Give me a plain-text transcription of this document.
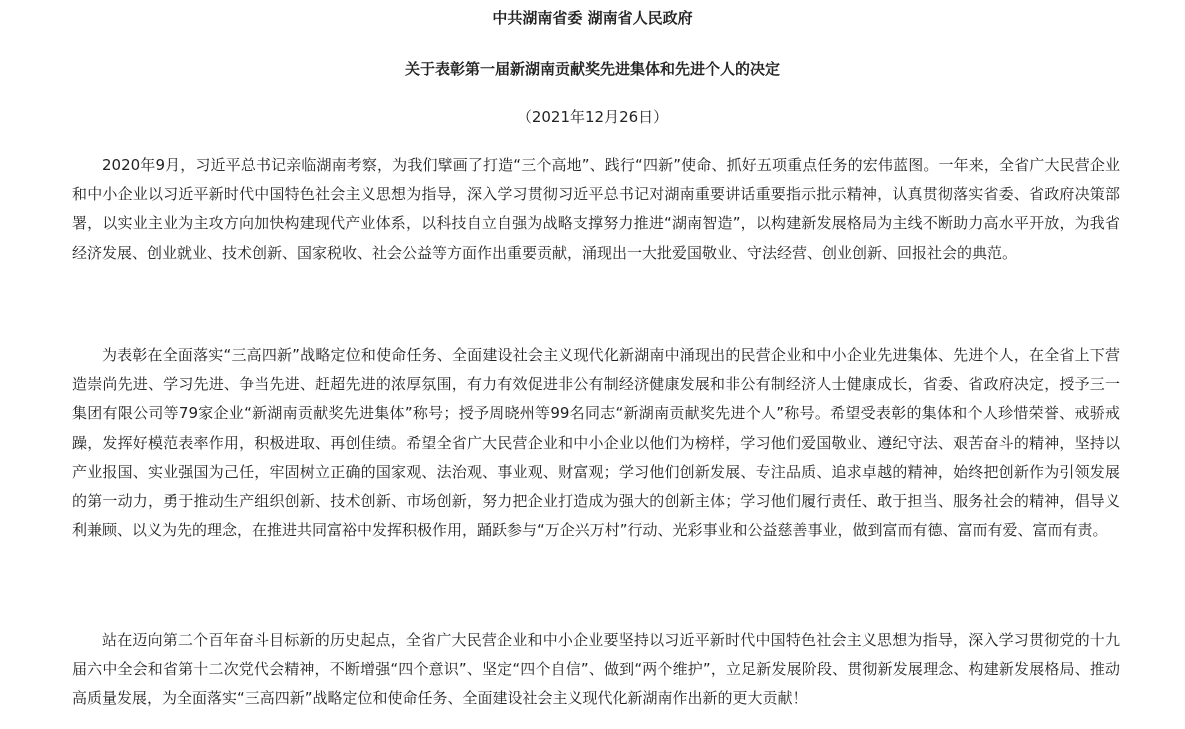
中共湖南省委 湖南省人民政府
关于表彰第一届新湖南贡献奖先进集体和先进个人的决定
（2021年12月26日）

2020年9月，习近平总书记亲临湖南考察，为我们擘画了打造“三个高地”、践行“四新”使命、抓好五项重点任务的宏伟蓝图。一年来，全省广大民营企业和中小企业以习近平新时代中国特色社会主义思想为指导，深入学习贯彻习近平总书记对湖南重要讲话重要指示批示精神，认真贯彻落实省委、省政府决策部署，以实业主业为主攻方向加快构建现代产业体系，以科技自立自强为战略支撑努力推进“湖南智造”，以构建新发展格局为主线不断助力高水平开放，为我省经济发展、创业就业、技术创新、国家税收、社会公益等方面作出重要贡献，涌现出一大批爱国敬业、守法经营、创业创新、回报社会的典范。

为表彰在全面落实“三高四新”战略定位和使命任务、全面建设社会主义现代化新湖南中涌现出的民营企业和中小企业先进集体、先进个人，在全省上下营造崇尚先进、学习先进、争当先进、赶超先进的浓厚氛围，有力有效促进非公有制经济健康发展和非公有制经济人士健康成长，省委、省政府决定，授予三一集团有限公司等79家企业“新湖南贡献奖先进集体”称号；授予周晓州等99名同志“新湖南贡献奖先进个人”称号。希望受表彰的集体和个人珍惜荣誉、戒骄戒躁，发挥好模范表率作用，积极进取、再创佳绩。希望全省广大民营企业和中小企业以他们为榜样，学习他们爱国敬业、遵纪守法、艰苦奋斗的精神，坚持以产业报国、实业强国为己任，牢固树立正确的国家观、法治观、事业观、财富观；学习他们创新发展、专注品质、追求卓越的精神，始终把创新作为引领发展的第一动力，勇于推动生产组织创新、技术创新、市场创新，努力把企业打造成为强大的创新主体；学习他们履行责任、敢于担当、服务社会的精神，倡导义利兼顾、以义为先的理念，在推进共同富裕中发挥积极作用，踊跃参与“万企兴万村”行动、光彩事业和公益慈善事业，做到富而有德、富而有爱、富而有责。

站在迈向第二个百年奋斗目标新的历史起点，全省广大民营企业和中小企业要坚持以习近平新时代中国特色社会主义思想为指导，深入学习贯彻党的十九届六中全会和省第十二次党代会精神，不断增强“四个意识”、坚定“四个自信”、做到“两个维护”，立足新发展阶段、贯彻新发展理念、构建新发展格局、推动高质量发展，为全面落实“三高四新”战略定位和使命任务、全面建设社会主义现代化新湖南作出新的更大贡献！
